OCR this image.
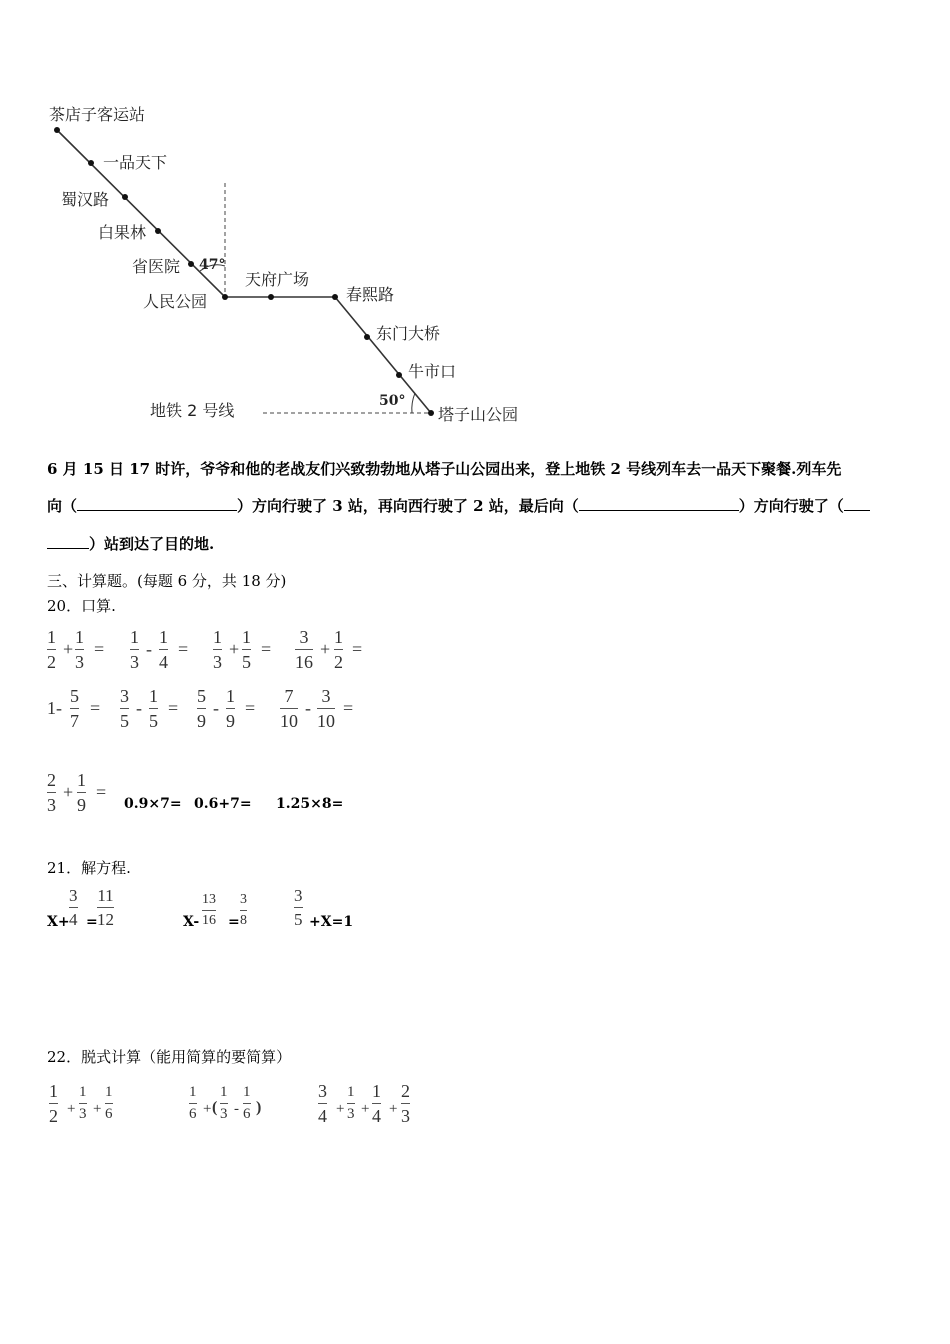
茶店子客运站
一品天下
蜀汉路
白果林
省医院
人民公园
天府广场
春熙路
东门大桥
牛市口
塔子山公园
地铁 2 号线
47°
50°
6 月 15 日 17 时许，爷爷和他的老战友们兴致勃勃地从塔子山公园出来，登上地铁 2 号线列车去一品天下聚餐.列车先
向（	）方向行驶了 3 站，再向西行驶了 2 站，最后向（	）方向行驶了（
）站到达了目的地.
三、计算题。(每题 6 分，共 18 分)
20．口算.
1
2
+
1
3
=
1
3
-
1
4
=
1
3
+
1
5
=
3
16
+
1
2
=
1-
5
7
=
3
5
-
1
5
=
5
9
-
1
9
=
7
10
-
3
10
=
2
3
+
1
9
=
0.9×7= 0.6+7= 1.25×8=
21．解方程.
X+
3
4 =
11
12	X-
13
16 =
3
8
3
5 +X=1
22．脱式计算（能用简算的要简算）
1
2 +
1
3 +
1
6
1
6 + (
1
3 -
1
6 )
3
4 +
1
3 +
1
4 +
2
3
